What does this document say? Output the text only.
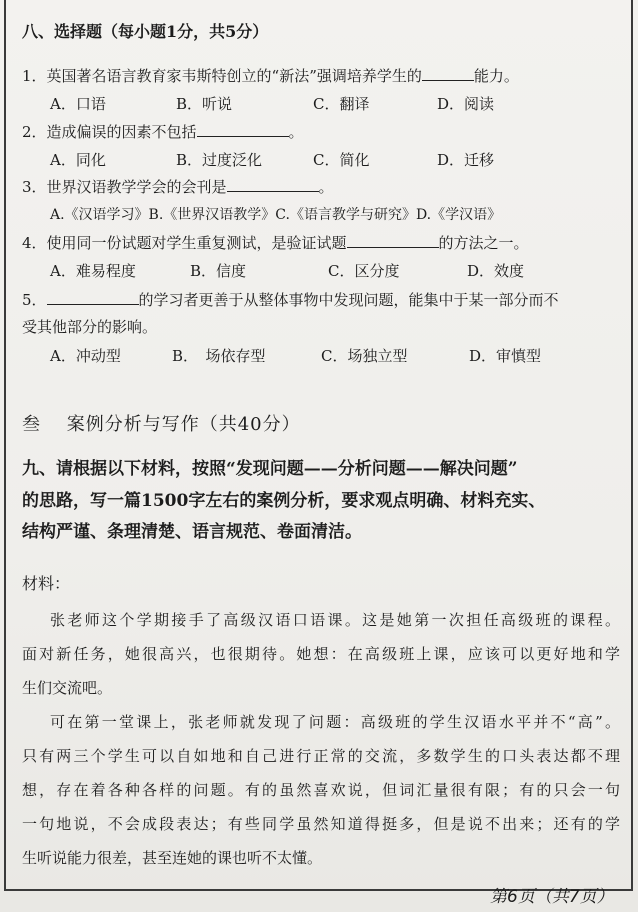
八、选择题（每小题1分，共5分）
1．英国著名语言教育家韦斯特创立的“新法”强调培养学生的	能力。
A．口语	B．听说	C．翻译	D．阅读
2．造成偏误的因素不包括	。
A．同化	B．过度泛化	C．简化	D．迁移
3．世界汉语教学学会的会刊是	。
A.《汉语学习》B.《世界汉语教学》C.《语言教学与研究》D.《学汉语》
4．使用同一份试题对学生重复测试，是验证试题	的方法之一。
A．难易程度	B．信度	C．区分度	D．效度
5．	的学习者更善于从整体事物中发现问题，能集中于某一部分而不
受其他部分的影响。
A．冲动型	B．　场依存型	C．场独立型	D．审慎型
叁　 案例分析与写作（共40分）
九、请根据以下材料，按照“发现问题——分析问题——解决问题”
的思路，写一篇1500字左右的案例分析，要求观点明确、材料充实、
结构严谨、条理清楚、语言规范、卷面清洁。
材料：
张老师这个学期接手了高级汉语口语课。这是她第一次担任高级班的课程。
面对新任务，她很高兴，也很期待。她想：在高级班上课，应该可以更好地和学
生们交流吧。
可在第一堂课上，张老师就发现了问题：高级班的学生汉语水平并不“高”。
只有两三个学生可以自如地和自己进行正常的交流，多数学生的口头表达都不理
想，存在着各种各样的问题。有的虽然喜欢说，但词汇量很有限；有的只会一句
一句地说，不会成段表达；有些同学虽然知道得挺多，但是说不出来；还有的学
生听说能力很差，甚至连她的课也听不太懂。
第6页（共7页）
